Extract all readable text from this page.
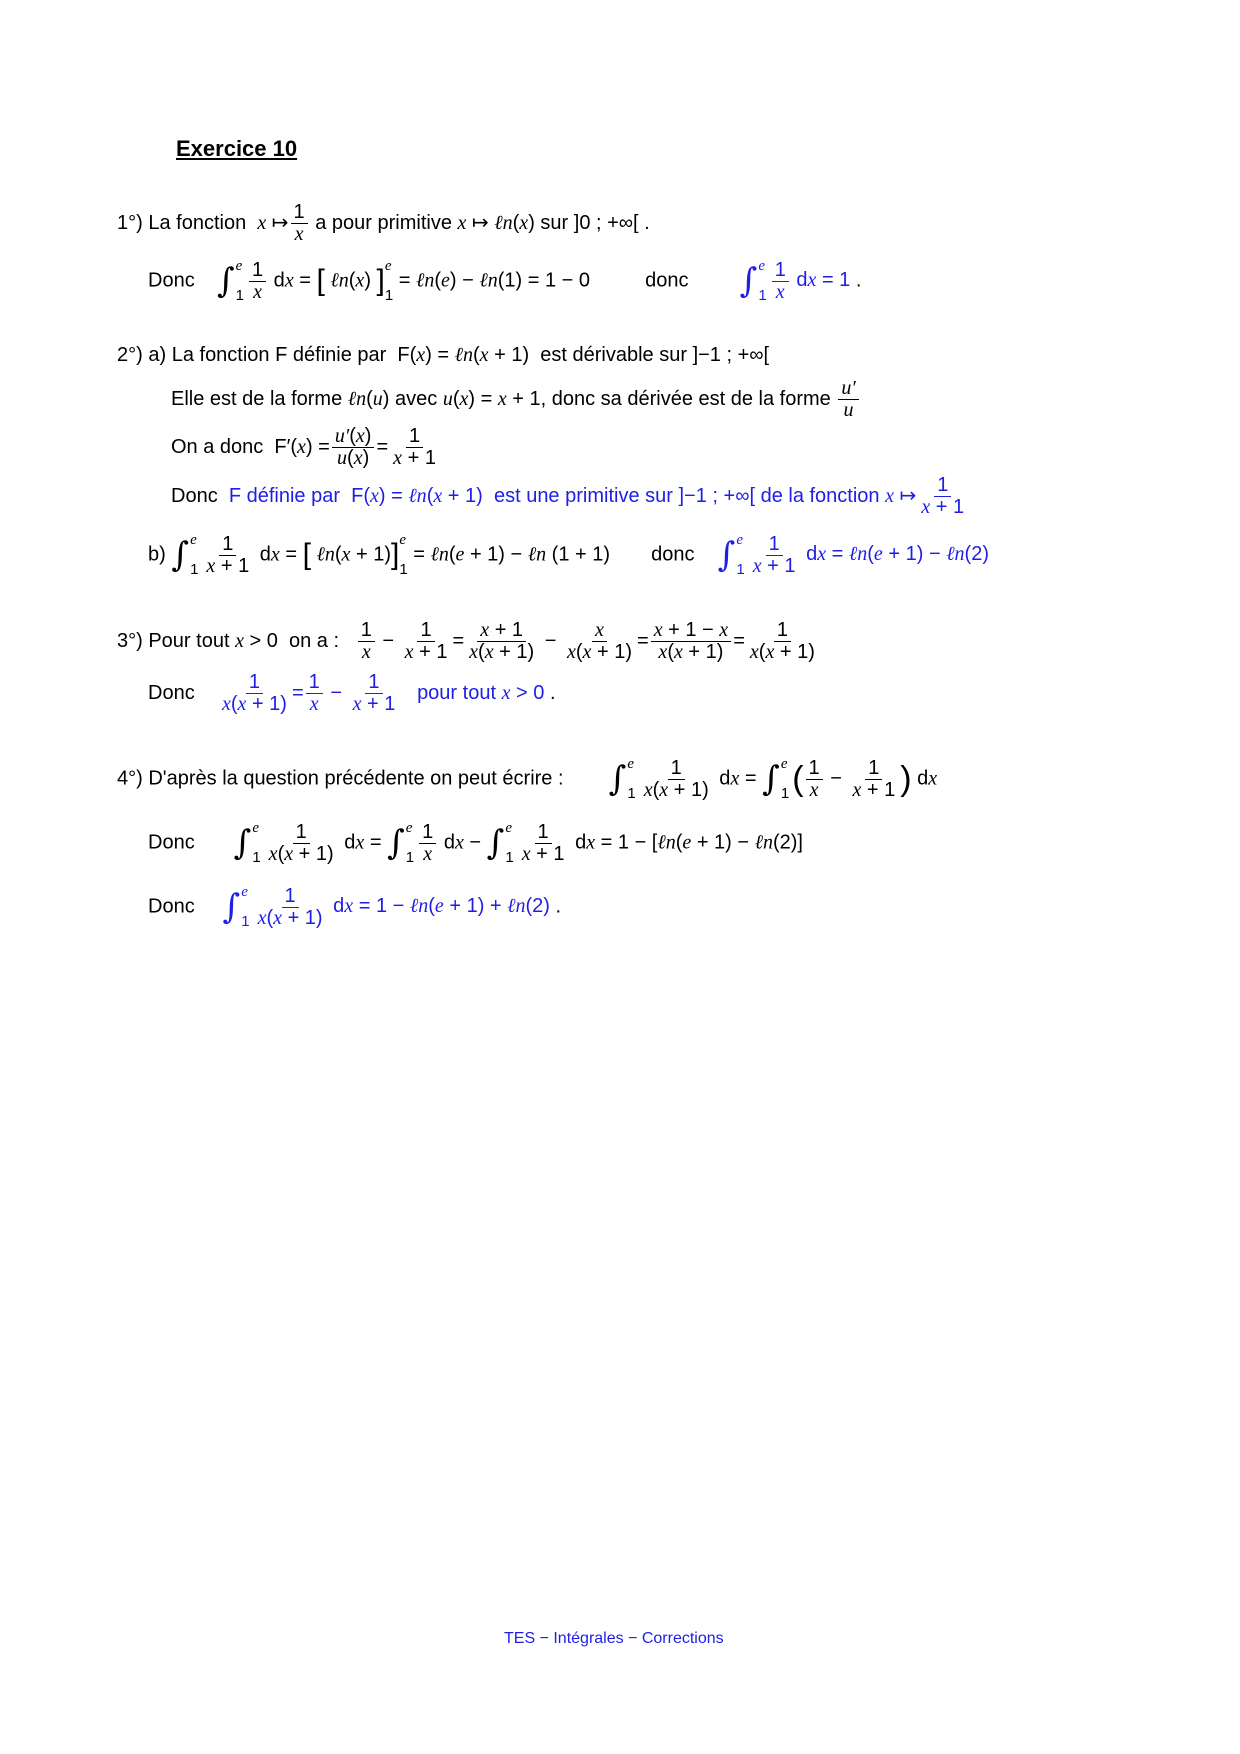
Exercice 10
1°) La fonction x ↦ $\frac{1}{x}$ a pour primitive x ↦ ℓn(x) sur ]0 ; +∞[ .
Donc ∫ e
$1 \frac{1}{x}$ dx = [ ℓn(x) ] e
1
= ℓn(e) − ℓn(1) = 1 − 0  donc ∫ e
$1 \frac{1}{x}$ dx = 1 .
2°) a) La fonction F définie par  F(x) = ℓn(x + 1)  est dérivable sur ]−1 ; +∞[
Elle est de la forme ℓn(u) avec u(x) = x + 1, donc sa dérivée est de la forme $\frac{u'}{u}$
On a donc  $F'(x) = \frac{u'(x)}{u(x)} = \frac{1}{x + 1}$
Donc F définie par  F(x) = ℓn(x + 1)  est une primitive sur ]−1 ; +∞[ de la fonction x ↦ $\frac{1}{x + 1}$
b) ∫ e
$1 \frac{1}{x + 1}$ dx = [ ℓn(x + 1)] e
1
= ℓn(e + 1) − ℓn (1 + 1)  donc ∫ e
$1 \frac{1}{x + 1}$ dx = ℓn(e + 1) − ℓn(2)
3°) Pour tout x > 0  on a : $\frac{1}{x} - \frac{1}{x + 1} = \frac{x + 1}{x(x + 1)} - \frac{x}{x(x + 1)} = \frac{x + 1 - x}{x(x + 1)} = \frac{1}{x(x + 1)}$
Donc $\frac{1}{x(x + 1)} = \frac{1}{x} - \frac{1}{x + 1}$ pour tout x > 0 .
4°) D'après la question précédente on peut écrire : ∫ e
$1 \frac{1}{x(x + 1)}$ dx = ∫ e
1 ( $\frac{1}{x} - \frac{1}{x + 1}$ ) dx
Donc ∫ e
$1 \frac{1}{x(x + 1)}$ dx = ∫ e
$1 \frac{1}{x}$ dx − ∫ e
$1 \frac{1}{x + 1}$ dx = 1 − [ℓn(e + 1) − ℓn(2)]
Donc ∫ e
$1 \frac{1}{x(x + 1)}$ dx = 1 − ℓn(e + 1) + ℓn(2) .
TES − Intégrales − Corrections
